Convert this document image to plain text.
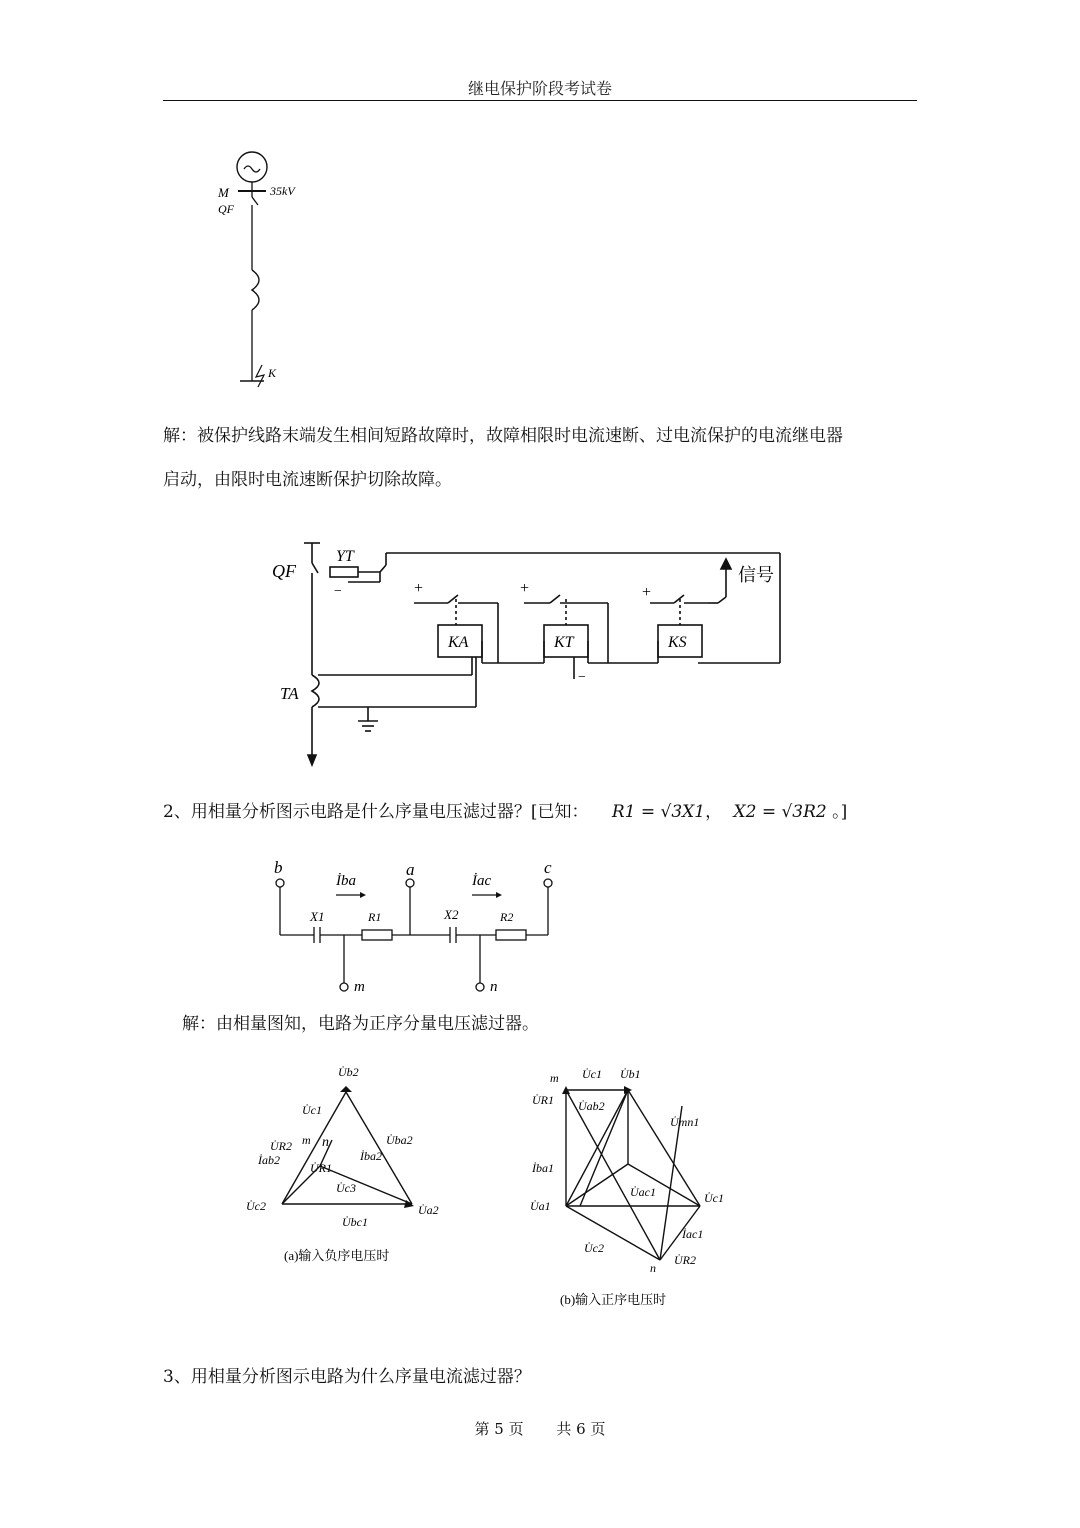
继电保护阶段考试卷
M	35kV
QF
K
解：被保护线路末端发生相间短路故障时，故障相限时电流速断、过电流保护的电流继电器
启动，由限时电流速断保护切除故障。
QF
YT
−
TA
KA	KT	KS
+	+	+
−
信号
2、用相量分析图示电路是什么序量电压滤过器？[已知： R1 = √3X1， X2 = √3R2 。]
b	a	c
m	n
İba	İac
X1	R1	X2	R2
解：由相量图知，电路为正序分量电压滤过器。
U̇b2
U̇c1
U̇ba2
U̇R2
İab2
m n
U̇R1
İba2
U̇c3
U̇c2	U̇a2
U̇bc1
(a)输入负序电压时
m U̇c1 U̇b1
U̇R1 U̇ab2
U̇mn1
İba1
U̇ac1	U̇c1
U̇a1
İac1
U̇c2
n
U̇R2
(b)输入正序电压时
3、用相量分析图示电路为什么序量电流滤过器？
第 5 页 共 6 页
